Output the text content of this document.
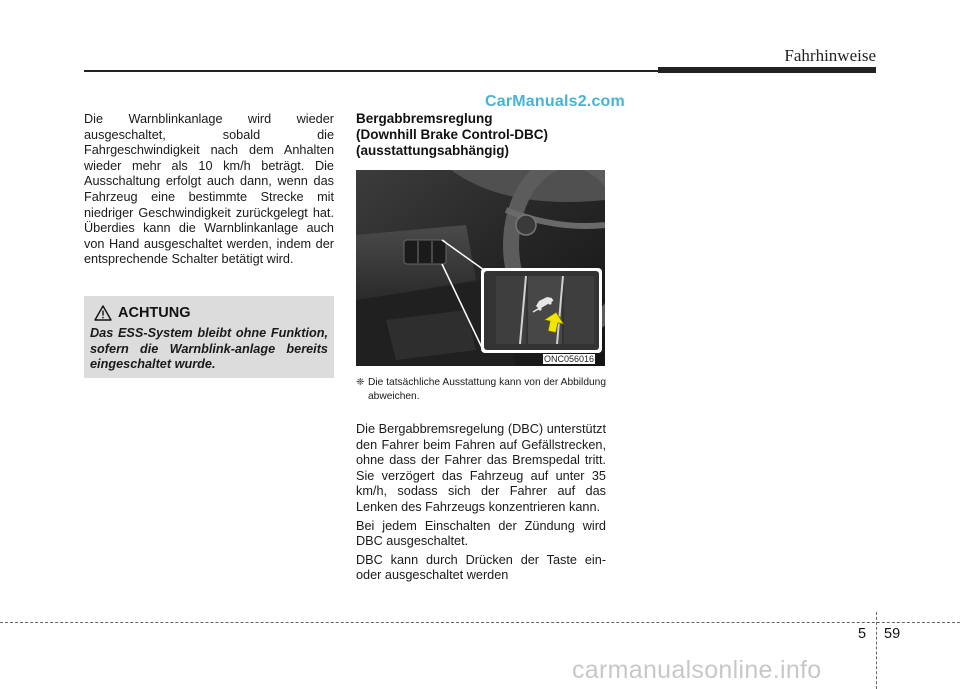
Fahrhinweise
CarManuals2.com

Die Warnblinkanlage wird wieder ausgeschaltet, sobald die Fahrgeschwindigkeit nach dem Anhalten wieder mehr als 10 km/h beträgt. Die Ausschaltung erfolgt auch dann, wenn das Fahrzeug eine bestimmte Strecke mit niedriger Geschwindigkeit zurückgelegt hat. Überdies kann die Warnblinkanlage auch von Hand ausgeschaltet werden, indem der entsprechende Schalter betätigt wird.

ACHTUNG

Das ESS-System bleibt ohne Funktion, sofern die Warnblink-anlage bereits eingeschaltet wurde.

Bergabbremsreglung
(Downhill Brake Control-DBC)
(ausstattungsabhängig)
ONC056016
❈ Die tatsächliche Ausstattung kann von der Abbildung abweichen.

Die Bergabbremsregelung (DBC) unterstützt den Fahrer beim Fahren auf Gefällstrecken, ohne dass der Fahrer das Bremspedal tritt. Sie verzögert das Fahrzeug auf unter 35 km/h, sodass sich der Fahrer auf das Lenken des Fahrzeugs konzentrieren kann.

Bei jedem Einschalten der Zündung wird DBC ausgeschaltet.

DBC kann durch Drücken der Taste ein- oder ausgeschaltet werden

5 59
carmanualsonline.info
